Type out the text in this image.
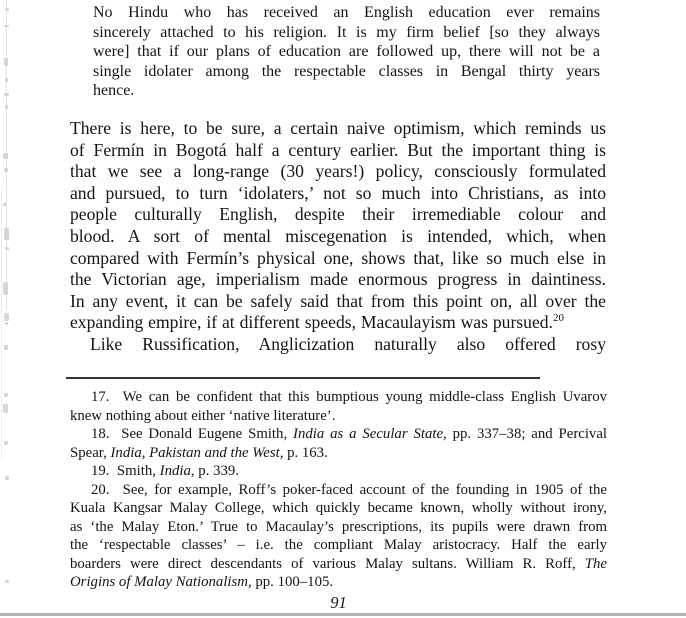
No Hindu who has received an English education ever remains
sincerely attached to his religion. It is my firm belief [so they always
were] that if our plans of education are followed up, there will not be a
single idolater among the respectable classes in Bengal thirty years
hence.
There is here, to be sure, a certain naive optimism, which reminds us
of Fermín in Bogotá half a century earlier. But the important thing is
that we see a long-range (30 years!) policy, consciously formulated
and pursued, to turn ‘idolaters,’ not so much into Christians, as into
people culturally English, despite their irremediable colour and
blood. A sort of mental miscegenation is intended, which, when
compared with Fermín’s physical one, shows that, like so much else in
the Victorian age, imperialism made enormous progress in daintiness.
In any event, it can be safely said that from this point on, all over the
expanding empire, if at different speeds, Macaulayism was pursued.$^{20}$
Like Russification, Anglicization naturally also offered rosy
17.  We can be confident that this bumptious young middle-class English Uvarov
knew nothing about either ‘native literature’.
18.  See Donald Eugene Smith, India as a Secular State, pp. 337–38; and Percival
Spear, India, Pakistan and the West, p. 163.
19.  Smith, India, p. 339.
20.  See, for example, Roff’s poker-faced account of the founding in 1905 of the
Kuala Kangsar Malay College, which quickly became known, wholly without irony,
as ‘the Malay Eton.’ True to Macaulay’s prescriptions, its pupils were drawn from
the ‘respectable classes’ – i.e. the compliant Malay aristocracy. Half the early
boarders were direct descendants of various Malay sultans. William R. Roff, The
Origins of Malay Nationalism, pp. 100–105.
91
